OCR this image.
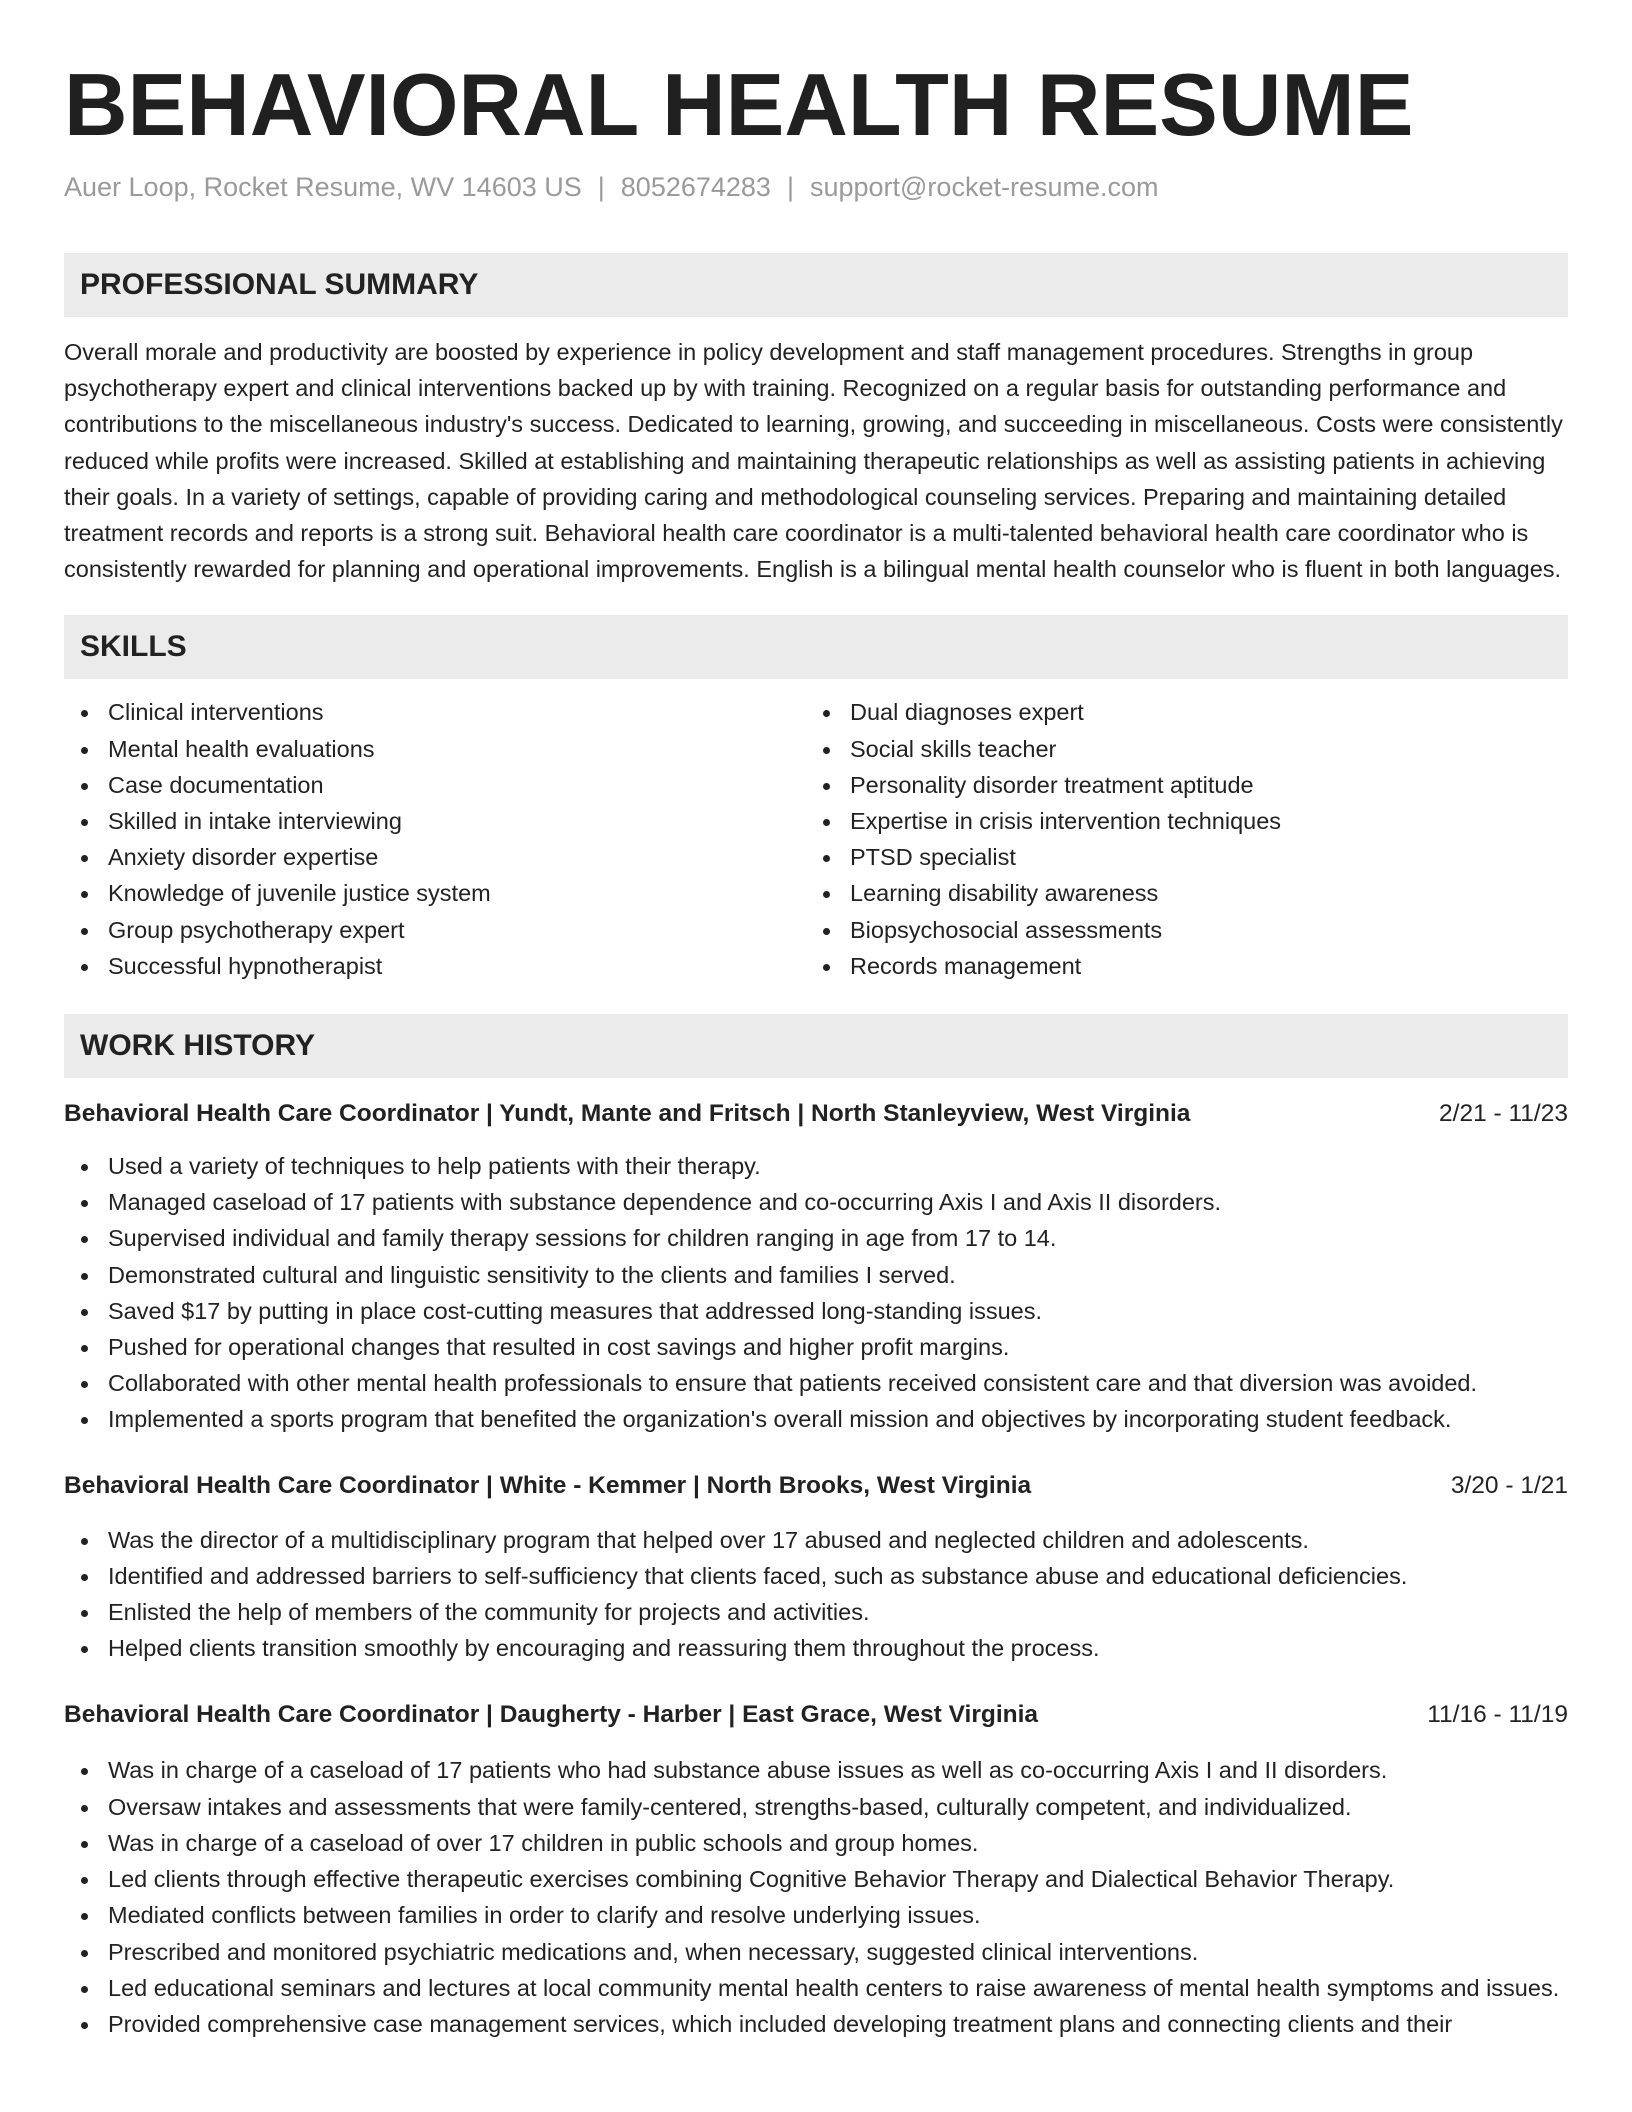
BEHAVIORAL HEALTH RESUME
Auer Loop, Rocket Resume, WV 14603 US | 8052674283 | support@rocket-resume.com
PROFESSIONAL SUMMARY
Overall morale and productivity are boosted by experience in policy development and staff management procedures. Strengths in group psychotherapy expert and clinical interventions backed up by with training. Recognized on a regular basis for outstanding performance and contributions to the miscellaneous industry's success. Dedicated to learning, growing, and succeeding in miscellaneous. Costs were consistently reduced while profits were increased. Skilled at establishing and maintaining therapeutic relationships as well as assisting patients in achieving their goals. In a variety of settings, capable of providing caring and methodological counseling services. Preparing and maintaining detailed treatment records and reports is a strong suit. Behavioral health care coordinator is a multi-talented behavioral health care coordinator who is consistently rewarded for planning and operational improvements. English is a bilingual mental health counselor who is fluent in both languages.
SKILLS
Clinical interventions
Mental health evaluations
Case documentation
Skilled in intake interviewing
Anxiety disorder expertise
Knowledge of juvenile justice system
Group psychotherapy expert
Successful hypnotherapist
Dual diagnoses expert
Social skills teacher
Personality disorder treatment aptitude
Expertise in crisis intervention techniques
PTSD specialist
Learning disability awareness
Biopsychosocial assessments
Records management
WORK HISTORY
Behavioral Health Care Coordinator | Yundt, Mante and Fritsch | North Stanleyview, West Virginia	2/21 - 11/23
Used a variety of techniques to help patients with their therapy.
Managed caseload of 17 patients with substance dependence and co-occurring Axis I and Axis II disorders.
Supervised individual and family therapy sessions for children ranging in age from 17 to 14.
Demonstrated cultural and linguistic sensitivity to the clients and families I served.
Saved $17 by putting in place cost-cutting measures that addressed long-standing issues.
Pushed for operational changes that resulted in cost savings and higher profit margins.
Collaborated with other mental health professionals to ensure that patients received consistent care and that diversion was avoided.
Implemented a sports program that benefited the organization's overall mission and objectives by incorporating student feedback.
Behavioral Health Care Coordinator | White - Kemmer | North Brooks, West Virginia	3/20 - 1/21
Was the director of a multidisciplinary program that helped over 17 abused and neglected children and adolescents.
Identified and addressed barriers to self-sufficiency that clients faced, such as substance abuse and educational deficiencies.
Enlisted the help of members of the community for projects and activities.
Helped clients transition smoothly by encouraging and reassuring them throughout the process.
Behavioral Health Care Coordinator | Daugherty - Harber | East Grace, West Virginia	11/16 - 11/19
Was in charge of a caseload of 17 patients who had substance abuse issues as well as co-occurring Axis I and II disorders.
Oversaw intakes and assessments that were family-centered, strengths-based, culturally competent, and individualized.
Was in charge of a caseload of over 17 children in public schools and group homes.
Led clients through effective therapeutic exercises combining Cognitive Behavior Therapy and Dialectical Behavior Therapy.
Mediated conflicts between families in order to clarify and resolve underlying issues.
Prescribed and monitored psychiatric medications and, when necessary, suggested clinical interventions.
Led educational seminars and lectures at local community mental health centers to raise awareness of mental health symptoms and issues.
Provided comprehensive case management services, which included developing treatment plans and connecting clients and their
